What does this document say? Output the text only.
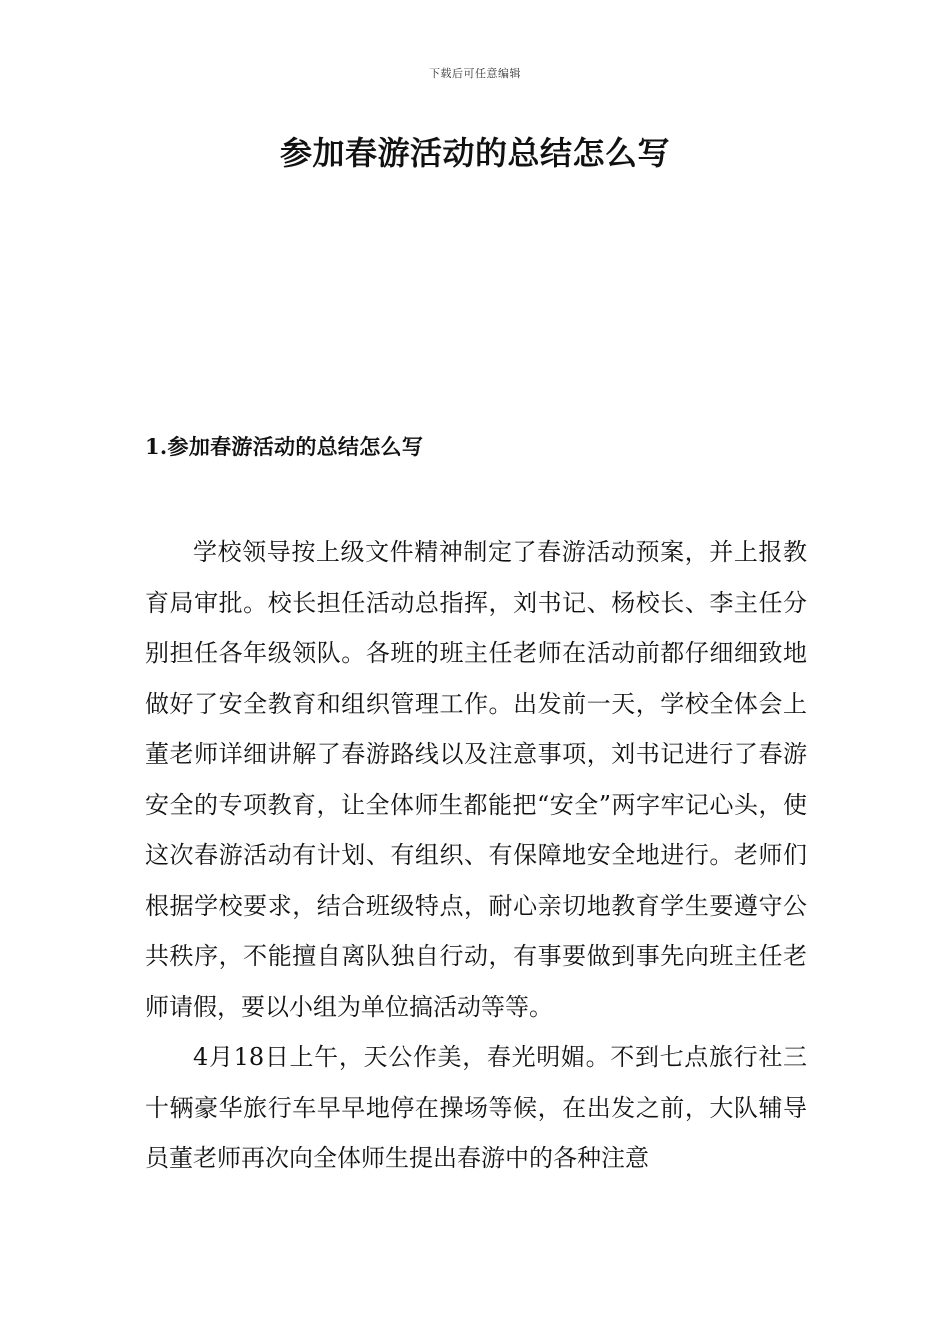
下载后可任意编辑
参加春游活动的总结怎么写
1.参加春游活动的总结怎么写

学校领导按上级文件精神制定了春游活动预案，并上报教育局审批。校长担任活动总指挥，刘书记、杨校长、李主任分别担任各年级领队。各班的班主任老师在活动前都仔细细致地做好了安全教育和组织管理工作。出发前一天，学校全体会上董老师详细讲解了春游路线以及注意事项，刘书记进行了春游安全的专项教育，让全体师生都能把“安全”两字牢记心头，使这次春游活动有计划、有组织、有保障地安全地进行。老师们根据学校要求，结合班级特点，耐心亲切地教育学生要遵守公共秩序，不能擅自离队独自行动，有事要做到事先向班主任老师请假，要以小组为单位搞活动等等。

4月18日上午，天公作美，春光明媚。不到七点旅行社三十辆豪华旅行车早早地停在操场等候，在出发之前，大队辅导员董老师再次向全体师生提出春游中的各种注意
